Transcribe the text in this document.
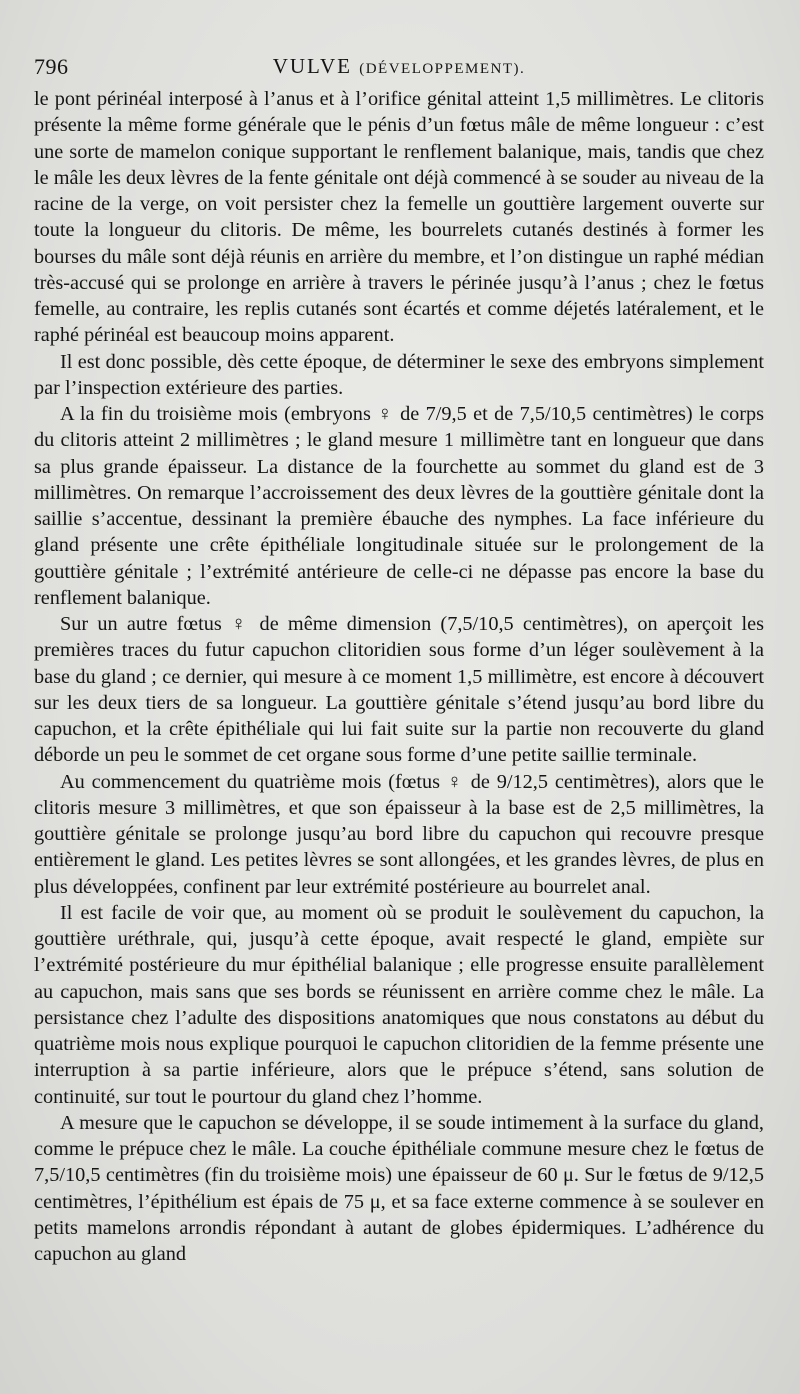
796	VULVE (DÉVELOPPEMENT).

le pont périnéal interposé à l’anus et à l’orifice génital atteint 1,5 millimètres. Le clitoris présente la même forme générale que le pénis d’un fœtus mâle de même longueur : c’est une sorte de mamelon conique supportant le renflement balanique, mais, tandis que chez le mâle les deux lèvres de la fente génitale ont déjà commencé à se souder au niveau de la racine de la verge, on voit persister chez la femelle un gouttière largement ouverte sur toute la longueur du clitoris. De même, les bourrelets cutanés destinés à former les bourses du mâle sont déjà réunis en arrière du membre, et l’on distingue un raphé médian très-accusé qui se prolonge en arrière à travers le périnée jusqu’à l’anus ; chez le fœtus femelle, au contraire, les replis cutanés sont écartés et comme déjetés latéralement, et le raphé périnéal est beaucoup moins apparent.

Il est donc possible, dès cette époque, de déterminer le sexe des embryons simplement par l’inspection extérieure des parties.

A la fin du troisième mois (embryons ♀ de 7/9,5 et de 7,5/10,5 centimètres) le corps du clitoris atteint 2 millimètres ; le gland mesure 1 millimètre tant en longueur que dans sa plus grande épaisseur. La distance de la fourchette au sommet du gland est de 3 millimètres. On remarque l’accroissement des deux lèvres de la gouttière génitale dont la saillie s’accentue, dessinant la première ébauche des nymphes. La face inférieure du gland présente une crête épithéliale longitudinale située sur le prolongement de la gouttière génitale ; l’extrémité antérieure de celle-ci ne dépasse pas encore la base du renflement balanique.

Sur un autre fœtus ♀ de même dimension (7,5/10,5 centimètres), on aperçoit les premières traces du futur capuchon clitoridien sous forme d’un léger soulèvement à la base du gland ; ce dernier, qui mesure à ce moment 1,5 millimètre, est encore à découvert sur les deux tiers de sa longueur. La gouttière génitale s’étend jusqu’au bord libre du capuchon, et la crête épithéliale qui lui fait suite sur la partie non recouverte du gland déborde un peu le sommet de cet organe sous forme d’une petite saillie terminale.

Au commencement du quatrième mois (fœtus ♀ de 9/12,5 centimètres), alors que le clitoris mesure 3 millimètres, et que son épaisseur à la base est de 2,5 millimètres, la gouttière génitale se prolonge jusqu’au bord libre du capuchon qui recouvre presque entièrement le gland. Les petites lèvres se sont allongées, et les grandes lèvres, de plus en plus développées, confinent par leur extrémité postérieure au bourrelet anal.

Il est facile de voir que, au moment où se produit le soulèvement du capuchon, la gouttière uréthrale, qui, jusqu’à cette époque, avait respecté le gland, empiète sur l’extrémité postérieure du mur épithélial balanique ; elle progresse ensuite parallèlement au capuchon, mais sans que ses bords se réunissent en arrière comme chez le mâle. La persistance chez l’adulte des dispositions anatomiques que nous constatons au début du quatrième mois nous explique pourquoi le capuchon clitoridien de la femme présente une interruption à sa partie inférieure, alors que le prépuce s’étend, sans solution de continuité, sur tout le pourtour du gland chez l’homme.

A mesure que le capuchon se développe, il se soude intimement à la surface du gland, comme le prépuce chez le mâle. La couche épithéliale commune mesure chez le fœtus de 7,5/10,5 centimètres (fin du troisième mois) une épaisseur de 60 μ. Sur le fœtus de 9/12,5 centimètres, l’épithélium est épais de 75 μ, et sa face externe commence à se soulever en petits mamelons arrondis répondant à autant de globes épidermiques. L’adhérence du capuchon au gland
